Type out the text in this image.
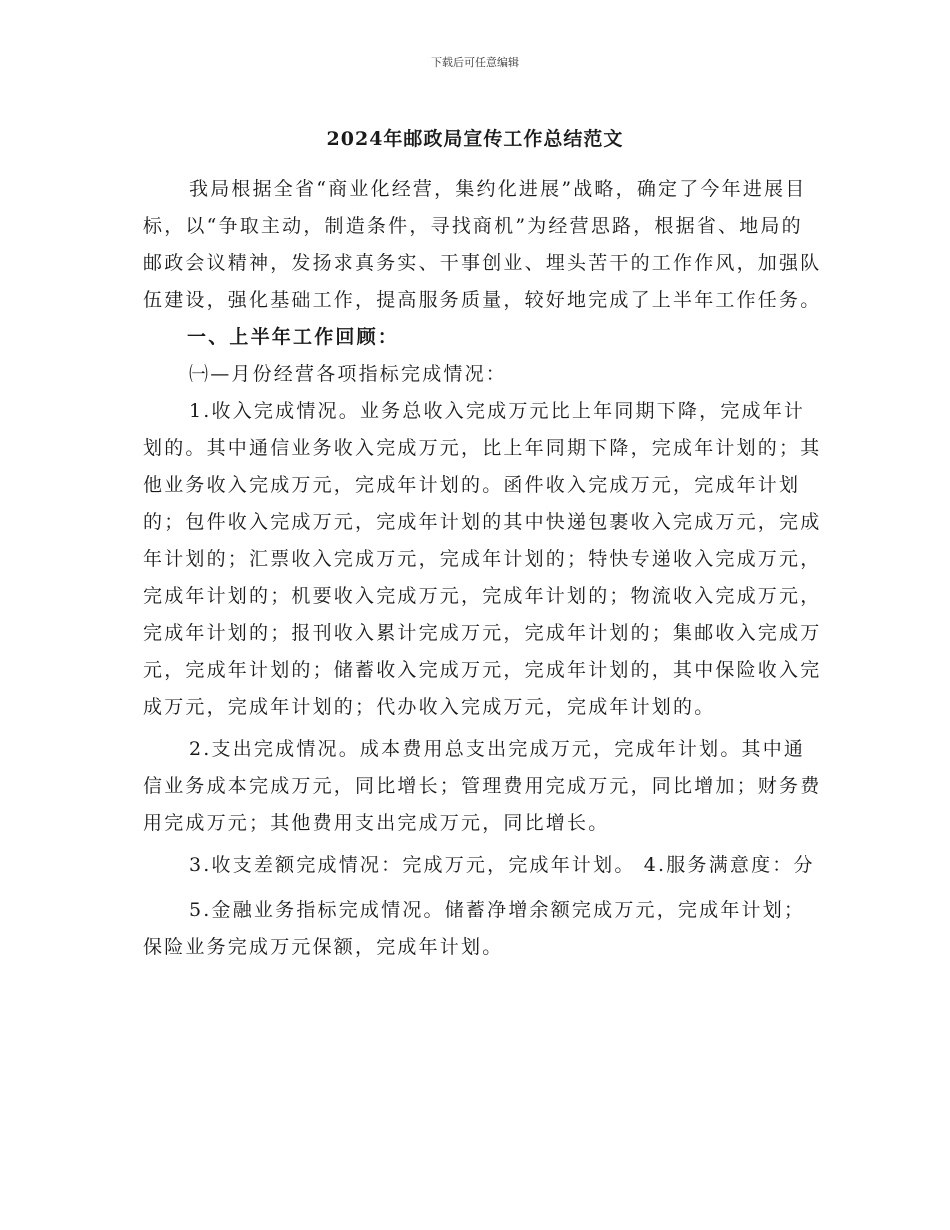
下载后可任意编辑
2024年邮政局宣传工作总结范文

我局根据全省“商业化经营，集约化进展”战略，确定了今年进展目标，以“争取主动，制造条件，寻找商机”为经营思路，根据省、地局的邮政会议精神，发扬求真务实、干事创业、埋头苦干的工作作风，加强队伍建设，强化基础工作，提高服务质量，较好地完成了上半年工作任务。

一、上半年工作回顾：

㈠—月份经营各项指标完成情况：

1.收入完成情况。业务总收入完成万元比上年同期下降，完成年计划的。其中通信业务收入完成万元，比上年同期下降，完成年计划的；其他业务收入完成万元，完成年计划的。函件收入完成万元，完成年计划的；包件收入完成万元，完成年计划的其中快递包裹收入完成万元，完成年计划的；汇票收入完成万元，完成年计划的；特快专递收入完成万元，完成年计划的；机要收入完成万元，完成年计划的；物流收入完成万元，完成年计划的；报刊收入累计完成万元，完成年计划的；集邮收入完成万元，完成年计划的；储蓄收入完成万元，完成年计划的，其中保险收入完成万元，完成年计划的；代办收入完成万元，完成年计划的。

2.支出完成情况。成本费用总支出完成万元，完成年计划。其中通信业务成本完成万元，同比增长；管理费用完成万元，同比增加；财务费用完成万元；其他费用支出完成万元，同比增长。

3.收支差额完成情况：完成万元，完成年计划。 4.服务满意度：分

5.金融业务指标完成情况。储蓄净增余额完成万元，完成年计划；保险业务完成万元保额，完成年计划。
